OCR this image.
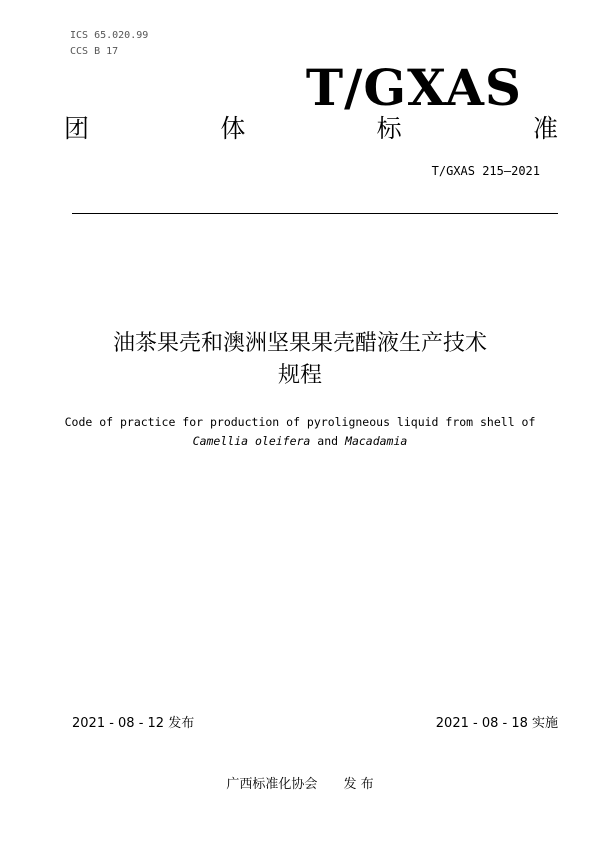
ICS 65.020.99
CCS B 17
T/GXAS
团	体	标	准
T/GXAS 215—2021
油茶果壳和澳洲坚果果壳醋液生产技术
规程
Code of practice for production of pyroligneous liquid from shell of
Camellia oleifera and Macadamia
2021 - 08 - 12 发布	2021 - 08 - 18 实施
广西标准化协会 发 布
